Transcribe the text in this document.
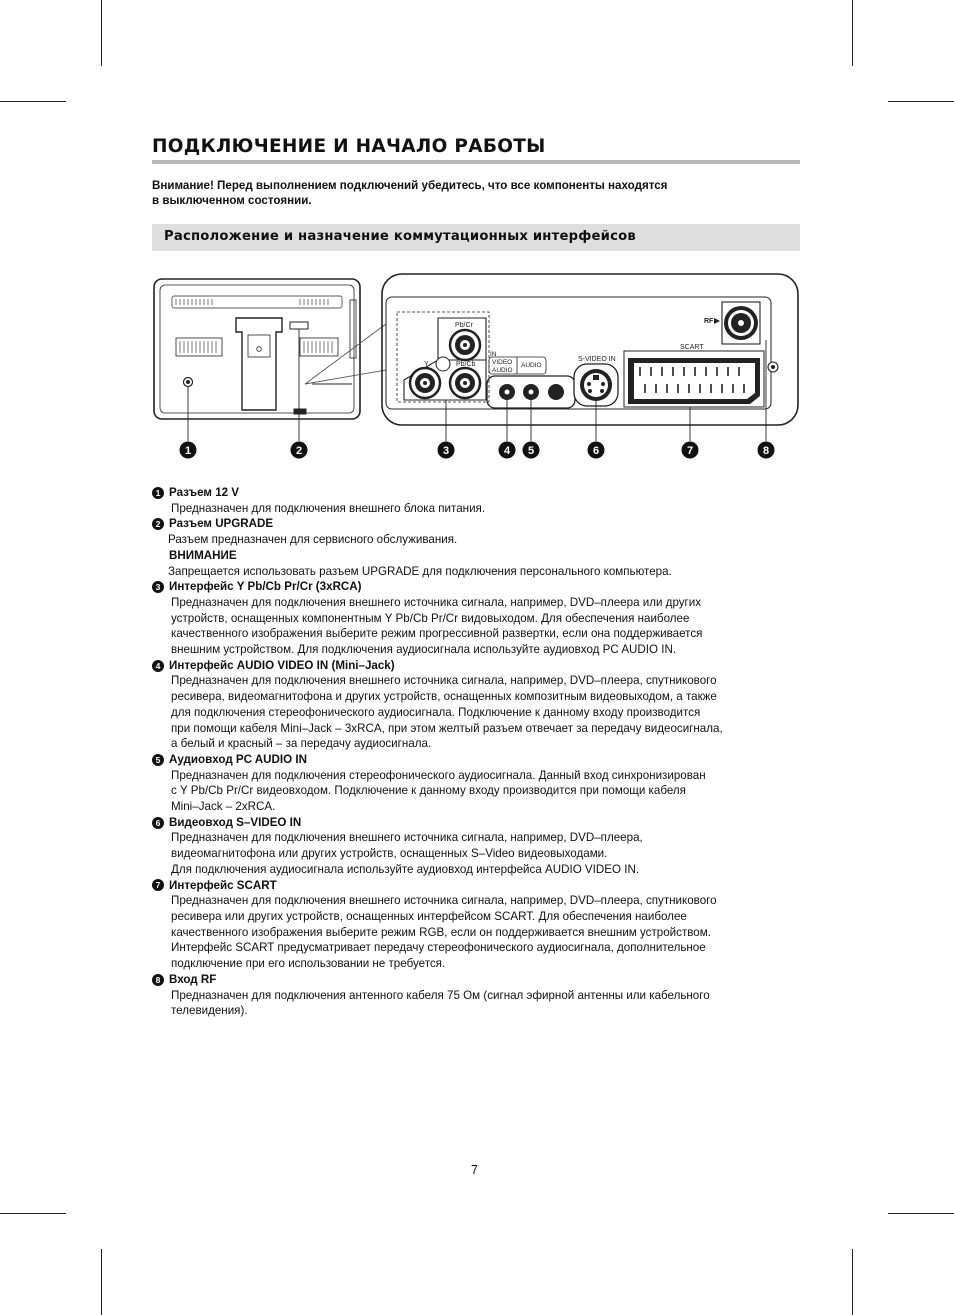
ПОДКЛЮЧЕНИЕ И НАЧАЛО РАБОТЫ
Внимание! Перед выполнением подключений убедитесь, что все компоненты находятся
в выключенном состоянии.
Расположение и назначение коммутационных интерфейсов
Pb/Cr
Y	Pb/Cb
IN
VIDEO
AUDIO
AUDIO
S-VIDEO IN
SCART
RF
1	2	3	4 5	6	7	8
1 Разъем 12 V
Предназначен для подключения внешнего блока питания.
2 Разъем UPGRADE
Разъем предназначен для сервисного обслуживания.
ВНИМАНИЕ
Запрещается использовать разъем UPGRADE для подключения персонального компьютера.
3 Интерфейс Y Pb/Cb Pr/Cr (3xRCA)
Предназначен для подключения внешнего источника сигнала, например, DVD–плеера или других
устройств, оснащенных компонентным Y Pb/Cb Pr/Cr видовыходом. Для обеспечения наиболее
качественного изображения выберите режим прогрессивной развертки, если она поддерживается
внешним устройством. Для подключения аудиосигнала используйте аудиовход PC AUDIO IN.
4 Интерфейс AUDIO VIDEO IN (Mini–Jack)
Предназначен для подключения внешнего источника сигнала, например, DVD–плеера, спутникового
ресивера, видеомагнитофона и других устройств, оснащенных композитным видеовыходом, а также
для подключения стереофонического аудиосигнала. Подключение к данному входу производится
при помощи кабеля Mini–Jack – 3xRCA, при этом желтый разъем отвечает за передачу видеосигнала,
а белый и красный – за передачу аудиосигнала.
5 Аудиовход PC AUDIO IN
Предназначен для подключения стереофонического аудиосигнала. Данный вход синхронизирован
с Y Pb/Cb Pr/Cr видеовходом. Подключение к данному входу производится при помощи кабеля
Mini–Jack – 2xRCA.
6 Видеовход S–VIDEO IN
Предназначен для подключения внешнего источника сигнала, например, DVD–плеера,
видеомагнитофона или других устройств, оснащенных S–Video видеовыходами.
Для подключения аудиосигнала используйте аудиовход интерфейса AUDIO VIDEO IN.
7 Интерфейс SCART
Предназначен для подключения внешнего источника сигнала, например, DVD–плеера, спутникового
ресивера или других устройств, оснащенных интерфейсом SCART. Для обеспечения наиболее
качественного изображения выберите режим RGB, если он поддерживается внешним устройством.
Интерфейс SCART предусматривает передачу стереофонического аудиосигнала, дополнительное
подключение при его использовании не требуется.
8 Вход RF
Предназначен для подключения антенного кабеля 75 Ом (сигнал эфирной антенны или кабельного
телевидения).
7
